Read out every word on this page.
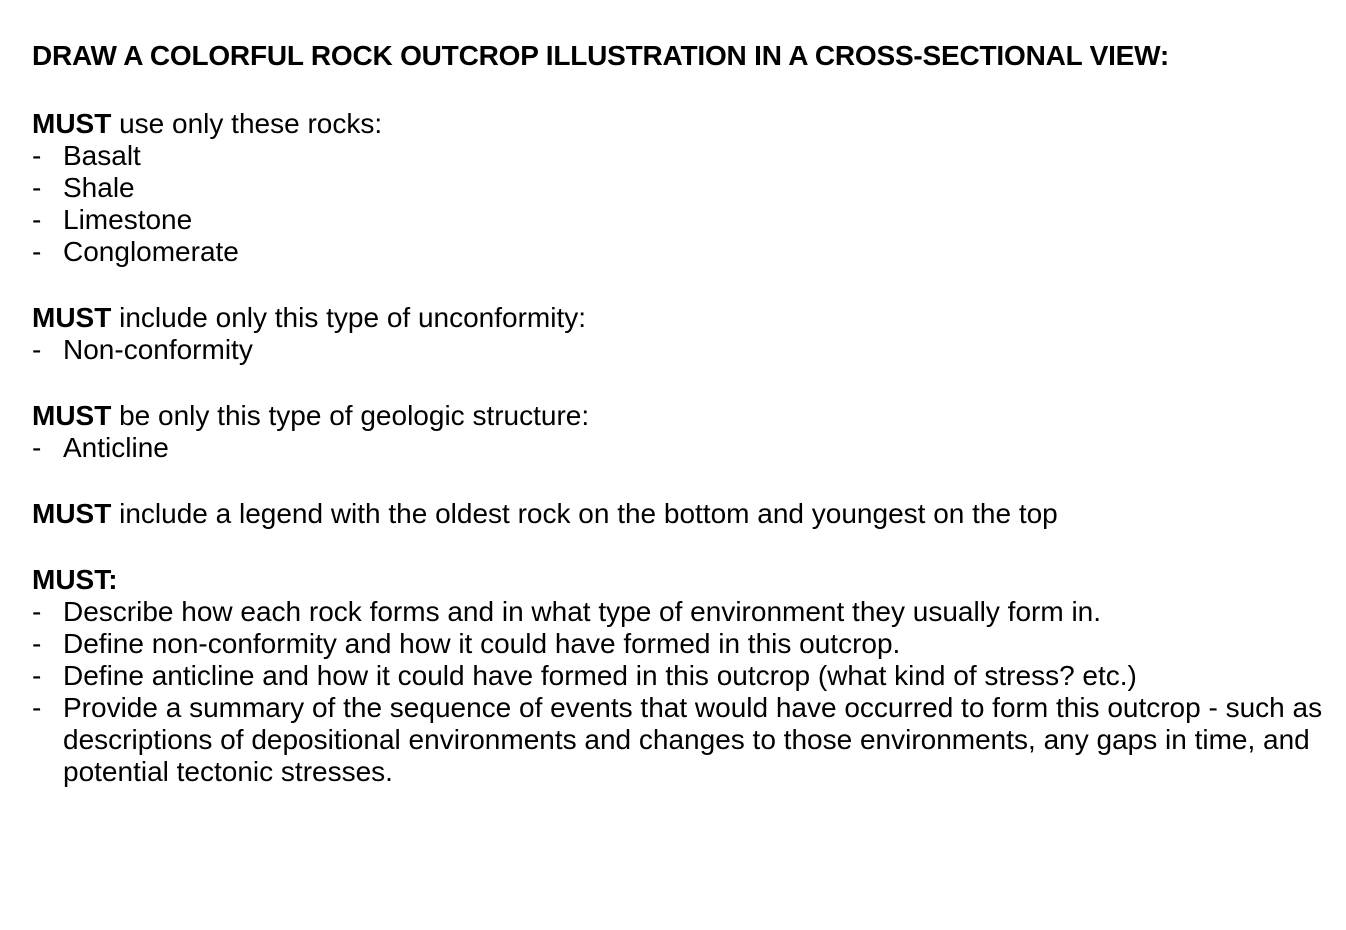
DRAW A COLORFUL ROCK OUTCROP ILLUSTRATION IN A CROSS-SECTIONAL VIEW:

MUST use only these rocks:

- Basalt
- Shale
- Limestone
- Conglomerate

MUST include only this type of unconformity:

- Non-conformity

MUST be only this type of geologic structure:

- Anticline

MUST include a legend with the oldest rock on the bottom and youngest on the top

MUST:

- Describe how each rock forms and in what type of environment they usually form in.
- Define non-conformity and how it could have formed in this outcrop.
- Define anticline and how it could have formed in this outcrop (what kind of stress? etc.)
- Provide a summary of the sequence of events that would have occurred to form this outcrop - such as descriptions of depositional environments and changes to those environments, any gaps in time, and potential tectonic stresses.
